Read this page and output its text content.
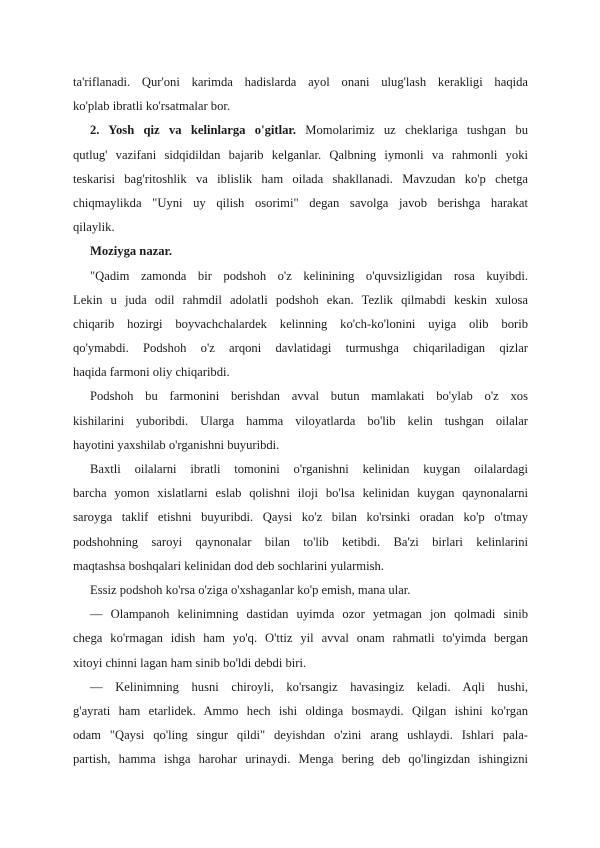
ta'riflanadi. Qur'oni karimda hadislarda ayol onani ulug'lash kerakligi haqida
ko'plab ibratli ko'rsatmalar bor.
2. Yosh qiz va kelinlarga o'gitlar. Momolarimiz uz cheklariga tushgan bu
qutlug' vazifani sidqidildan bajarib kelganlar. Qalbning iymonli va rahmonli yoki
teskarisi bag'ritoshlik va iblislik ham oilada shakllanadi. Mavzudan ko'p chetga
chiqmaylikda "Uyni uy qilish osorimi" degan savolga javob berishga harakat
qilaylik.
Moziyga nazar.
"Qadim zamonda bir podshoh o'z kelinining o'quvsizligidan rosa kuyibdi.
Lekin u juda odil rahmdil adolatli podshoh ekan. Tezlik qilmabdi keskin xulosa
chiqarib hozirgi boyvachchalardek kelinning ko'ch-ko'lonini uyiga olib borib
qo'ymabdi. Podshoh o'z arqoni davlatidagi turmushga chiqariladigan qizlar
haqida farmoni oliy chiqaribdi.
Podshoh bu farmonini berishdan avval butun mamlakati bo'ylab o'z xos
kishilarini yuboribdi. Ularga hamma viloyatlarda bo'lib kelin tushgan oilalar
hayotini yaxshilab o'rganishni buyuribdi.
Baxtli oilalarni ibratli tomonini o'rganishni kelinidan kuygan oilalardagi
barcha yomon xislatlarni eslab qolishni iloji bo'lsa kelinidan kuygan qaynonalarni
saroyga taklif etishni buyuribdi. Qaysi ko'z bilan ko'rsinki oradan ko'p o'tmay
podshohning saroyi qaynonalar bilan to'lib ketibdi. Ba'zi birlari kelinlarini
maqtashsa boshqalari kelinidan dod deb sochlarini yularmish.
Essiz podshoh ko'rsa o'ziga o'xshaganlar ko'p emish, mana ular.
— Olampanoh kelinimning dastidan uyimda ozor yetmagan jon qolmadi sinib
chega ko'rmagan idish ham yo'q. O'ttiz yil avval onam rahmatli to'yimda bergan
xitoyi chinni lagan ham sinib bo'ldi debdi biri.
— Kelinimning husni chiroyli, ko'rsangiz havasingiz keladi. Aqli hushi,
g'ayrati ham etarlidek. Ammo hech ishi oldinga bosmaydi. Qilgan ishini ko'rgan
odam "Qaysi qo'ling singur qildi" deyishdan o'zini arang ushlaydi. Ishlari pala-
partish, hamma ishga harohar urinaydi. Menga bering deb qo'lingizdan ishingizni
